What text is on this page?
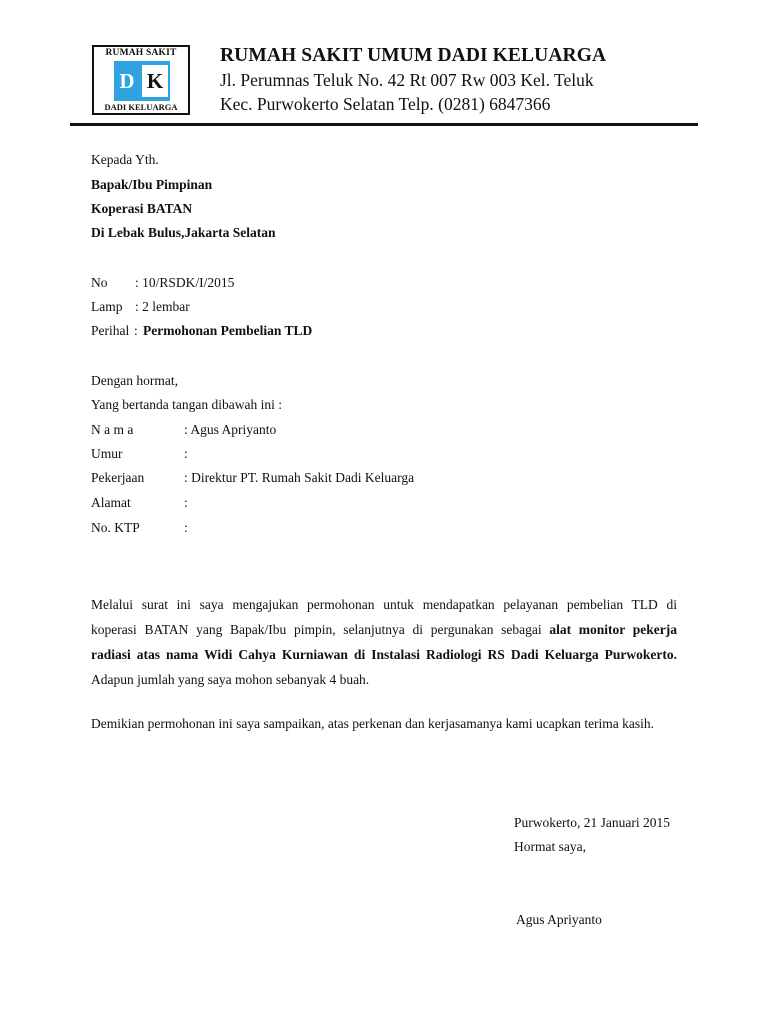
RUMAH SAKIT
D K
DADI KELUARGA
RUMAH SAKIT UMUM DADI KELUARGA
Jl. Perumnas Teluk No. 42 Rt 007 Rw 003 Kel. Teluk
Kec. Purwokerto Selatan Telp. (0281) 6847366
Kepada Yth.
Bapak/Ibu Pimpinan
Koperasi BATAN
Di Lebak Bulus,Jakarta Selatan
No : 10/RSDK/I/2015
Lamp : 2 lembar
Perihal : Permohonan Pembelian TLD
Dengan hormat,
Yang bertanda tangan dibawah ini :
N a m a	: Agus Apriyanto
Umur	:
Pekerjaan	: Direktur PT. Rumah Sakit Dadi Keluarga
Alamat	:
No. KTP	:
Melalui surat ini saya mengajukan permohonan untuk mendapatkan pelayanan pembelian TLD di
koperasi BATAN yang Bapak/Ibu pimpin, selanjutnya di pergunakan sebagai alat monitor pekerja
radiasi atas nama Widi Cahya Kurniawan di Instalasi Radiologi RS Dadi Keluarga Purwokerto.
Adapun jumlah yang saya mohon sebanyak 4 buah.
Demikian permohonan ini saya sampaikan, atas perkenan dan kerjasamanya kami ucapkan terima kasih.
Purwokerto, 21 Januari 2015
Hormat saya,
Agus Apriyanto
